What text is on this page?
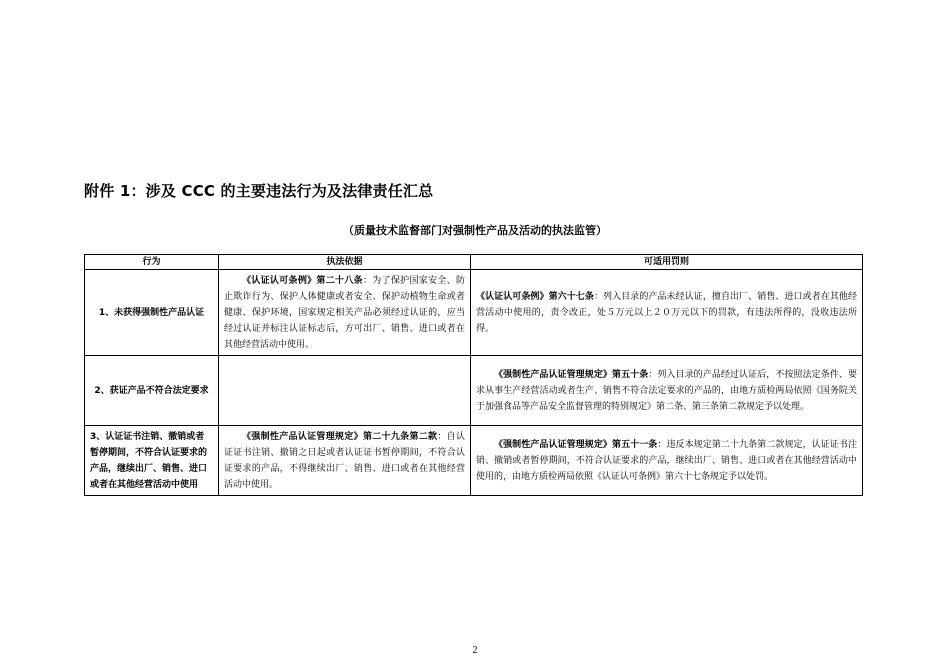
附件 1：涉及 CCC 的主要违法行为及法律责任汇总
（质量技术监督部门对强制性产品及活动的执法监管）
行为	执法依据	可适用罚则
1、未获得强制性产品认证	《认证认可条例》第二十八条：为了保护国家安全、防止欺诈行为、保护人体健康或者安全、保护动植物生命或者健康、保护环境，国家规定相关产品必须经过认证的，应当经过认证并标注认证标志后，方可出厂、销售、进口或者在其他经营活动中使用。	《认证认可条例》第六十七条：列入目录的产品未经认证，擅自出厂、销售、进口或者在其他经营活动中使用的，责令改正，处５万元以上２０万元以下的罚款，有违法所得的，没收违法所得。
2、获证产品不符合法定要求		《强制性产品认证管理规定》第五十条：列入目录的产品经过认证后，不按照法定条件、要求从事生产经营活动或者生产、销售不符合法定要求的产品的，由地方质检两局依照《国务院关于加强食品等产品安全监督管理的特别规定》第二条、第三条第二款规定予以处理。
3、认证证书注销、撤销或者暂停期间，不符合认证要求的产品，继续出厂、销售、进口或者在其他经营活动中使用	《强制性产品认证管理规定》第二十九条第二款：自认证证书注销、撤销之日起或者认证证书暂停期间，不符合认证要求的产品，不得继续出厂、销售、进口或者在其他经营活动中使用。	《强制性产品认证管理规定》第五十一条：违反本规定第二十九条第二款规定，认证证书注销、撤销或者暂停期间，不符合认证要求的产品，继续出厂、销售、进口或者在其他经营活动中使用的，由地方质检两局依照《认证认可条例》第六十七条规定予以处罚。
2
